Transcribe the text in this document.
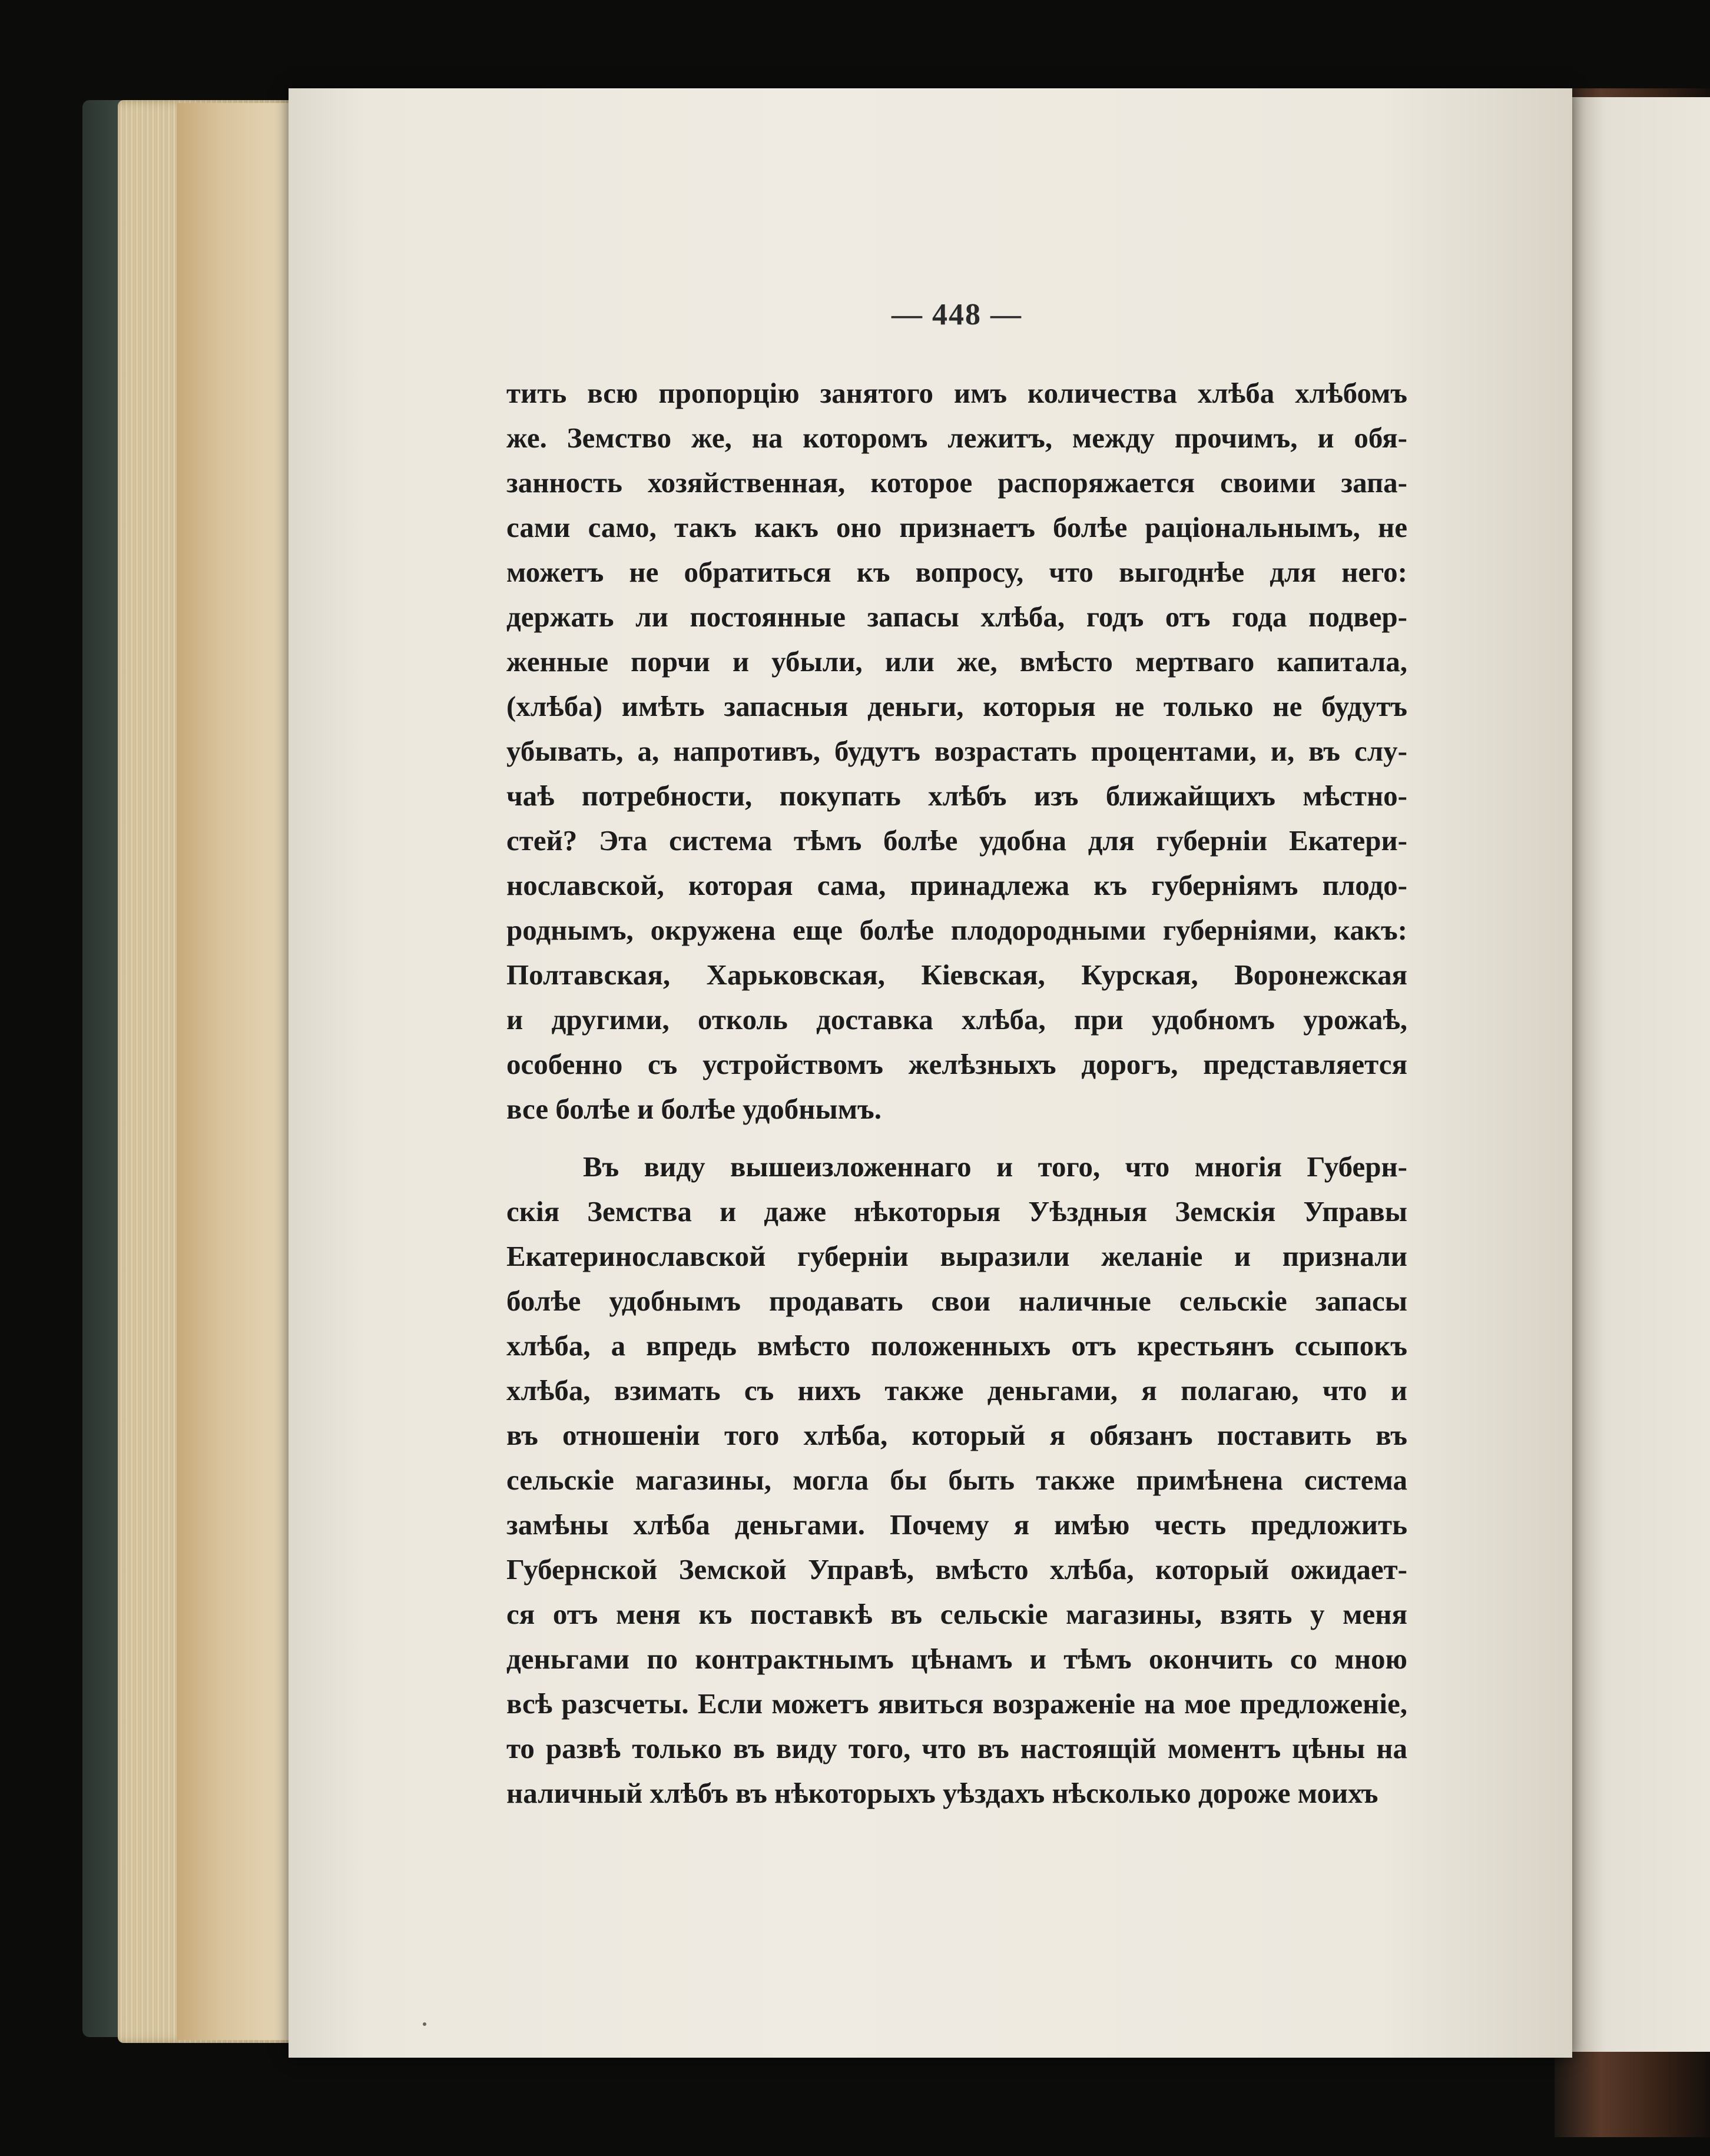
— 448 —
тить всю пропорцію занятого имъ количества хлѣба хлѣбомъ
же. Земство же, на которомъ лежитъ, между прочимъ, и обя-
занность хозяйственная, которое распоряжается своими запа-
сами само, такъ какъ оно признаетъ болѣе раціональнымъ, не
можетъ не обратиться къ вопросу, что выгоднѣе для него:
держать ли постоянные запасы хлѣба, годъ отъ года подвер-
женные порчи и убыли, или же, вмѣсто мертваго капитала,
(хлѣба) имѣть запасныя деньги, которыя не только не будутъ
убывать, а, напротивъ, будутъ возрастать процентами, и, въ слу-
чаѣ потребности, покупать хлѣбъ изъ ближайщихъ мѣстно-
стей? Эта система тѣмъ болѣе удобна для губерніи Екатери-
нославской, которая сама, принадлежа къ губерніямъ плодо-
роднымъ, окружена еще болѣе плодородными губерніями, какъ:
Полтавская, Харьковская, Кіевская, Курская, Воронежская
и другими, отколь доставка хлѣба, при удобномъ урожаѣ,
особенно съ устройствомъ желѣзныхъ дорогъ, представляется
все болѣе и болѣе удобнымъ.
Въ виду вышеизложеннаго и того, что многія Губерн-
скія Земства и даже нѣкоторыя Уѣздныя Земскія Управы
Екатеринославской губерніи выразили желаніе и признали
болѣе удобнымъ продавать свои наличные сельскіе запасы
хлѣба, а впредь вмѣсто положенныхъ отъ крестьянъ ссыпокъ
хлѣба, взимать съ нихъ также деньгами, я полагаю, что и
въ отношеніи того хлѣба, который я обязанъ поставить въ
сельскіе магазины, могла бы быть также примѣнена система
замѣны хлѣба деньгами. Почему я имѣю честь предложить
Губернской Земской Управѣ, вмѣсто хлѣба, который ожидает-
ся отъ меня къ поставкѣ въ сельскіе магазины, взять у меня
деньгами по контрактнымъ цѣнамъ и тѣмъ окончить со мною
всѣ разсчеты. Если можетъ явиться возраженіе на мое предложеніе,
то развѣ только въ виду того, что въ настоящій моментъ цѣны на
наличный хлѣбъ въ нѣкоторыхъ уѣздахъ нѣсколько дороже моихъ
